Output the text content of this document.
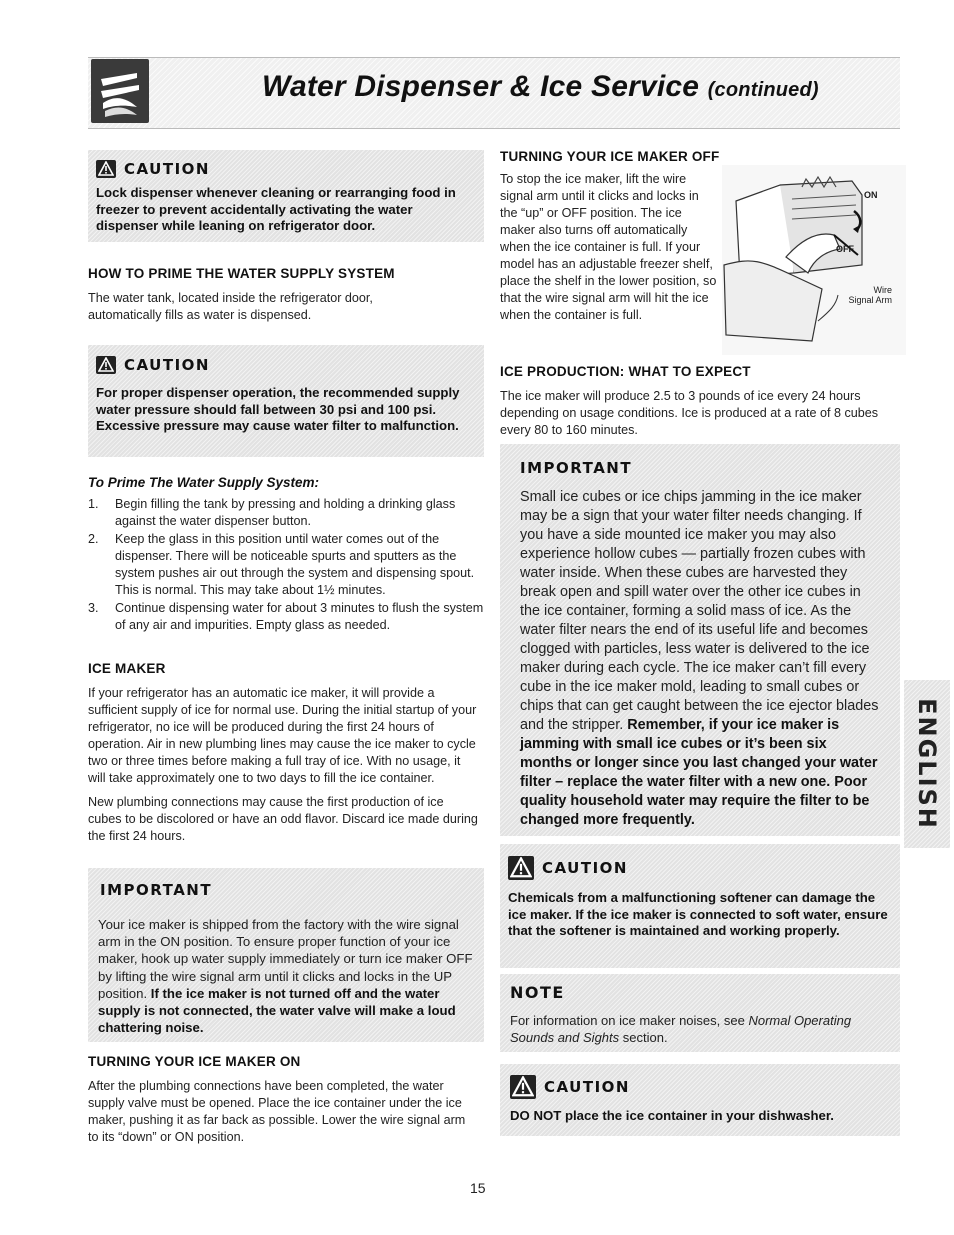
Water Dispenser & Ice Service (continued)
CAUTION
Lock dispenser whenever cleaning or rearranging food in freezer to prevent accidentally activating the water dispenser while leaning on refrigerator door.
HOW TO PRIME THE WATER SUPPLY SYSTEM
The water tank, located inside the refrigerator door, automatically fills as water is dispensed.
CAUTION
For proper dispenser operation, the recommended supply water pressure should fall between 30 psi and 100 psi. Excessive pressure may cause water filter to malfunction.
To Prime The Water Supply System:
1. Begin filling the tank by pressing and holding a drinking glass against the water dispenser button.
2. Keep the glass in this position until water comes out of the dispenser. There will be noticeable spurts and sputters as the system pushes air out through the system and dispensing spout. This is normal. This may take about 1½ minutes.
3. Continue dispensing water for about 3 minutes to flush the system of any air and impurities. Empty glass as needed.
ICE MAKER

If your refrigerator has an automatic ice maker, it will provide a sufficient supply of ice for normal use. During the initial startup of your refrigerator, no ice will be produced during the first 24 hours of operation. Air in new plumbing lines may cause the ice maker to cycle two or three times before making a full tray of ice. With no usage, it will take approximately one to two days to fill the ice container.

New plumbing connections may cause the first production of ice cubes to be discolored or have an odd flavor. Discard ice made during the first 24 hours.

IMPORTANT
Your ice maker is shipped from the factory with the wire signal arm in the ON position. To ensure proper function of your ice maker, hook up water supply immediately or turn ice maker OFF by lifting the wire signal arm until it clicks and locks in the UP position. If the ice maker is not turned off and the water supply is not connected, the water valve will make a loud chattering noise.
TURNING YOUR ICE MAKER ON
After the plumbing connections have been completed, the water supply valve must be opened. Place the ice container under the ice maker, pushing it as far back as possible. Lower the wire signal arm to its “down” or ON position.
TURNING YOUR ICE MAKER OFF
To stop the ice maker, lift the wire signal arm until it clicks and locks in the “up” or OFF position. The ice maker also turns off automatically when the ice container is full. If your model has an adjustable freezer shelf, place the shelf in the lower position, so that the wire signal arm will hit the ice when the container is full.
ON
OFF
Wire
Signal Arm
ICE PRODUCTION: WHAT TO EXPECT
The ice maker will produce 2.5 to 3 pounds of ice every 24 hours depending on usage conditions. Ice is produced at a rate of 8 cubes every 80 to 160 minutes.
IMPORTANT
Small ice cubes or ice chips jamming in the ice maker may be a sign that your water filter needs changing. If you have a side mounted ice maker you may also experience hollow cubes — partially frozen cubes with water inside. When these cubes are harvested they break open and spill water over the other ice cubes in the ice container, forming a solid mass of ice. As the water filter nears the end of its useful life and becomes clogged with particles, less water is delivered to the ice maker during each cycle. The ice maker can’t fill every cube in the ice maker mold, leading to small cubes or chips that can get caught between the ice ejector blades and the stripper. Remember, if your ice maker is jamming with small ice cubes or it’s been six months or longer since you last changed your water filter – replace the water filter with a new one. Poor quality household water may require the filter to be changed more frequently.
CAUTION
Chemicals from a malfunctioning softener can damage the ice maker. If the ice maker is connected to soft water, ensure that the softener is maintained and working properly.
NOTE
For information on ice maker noises, see Normal Operating Sounds and Sights section.
CAUTION
DO NOT place the ice container in your dishwasher.
ENGLISH
15
